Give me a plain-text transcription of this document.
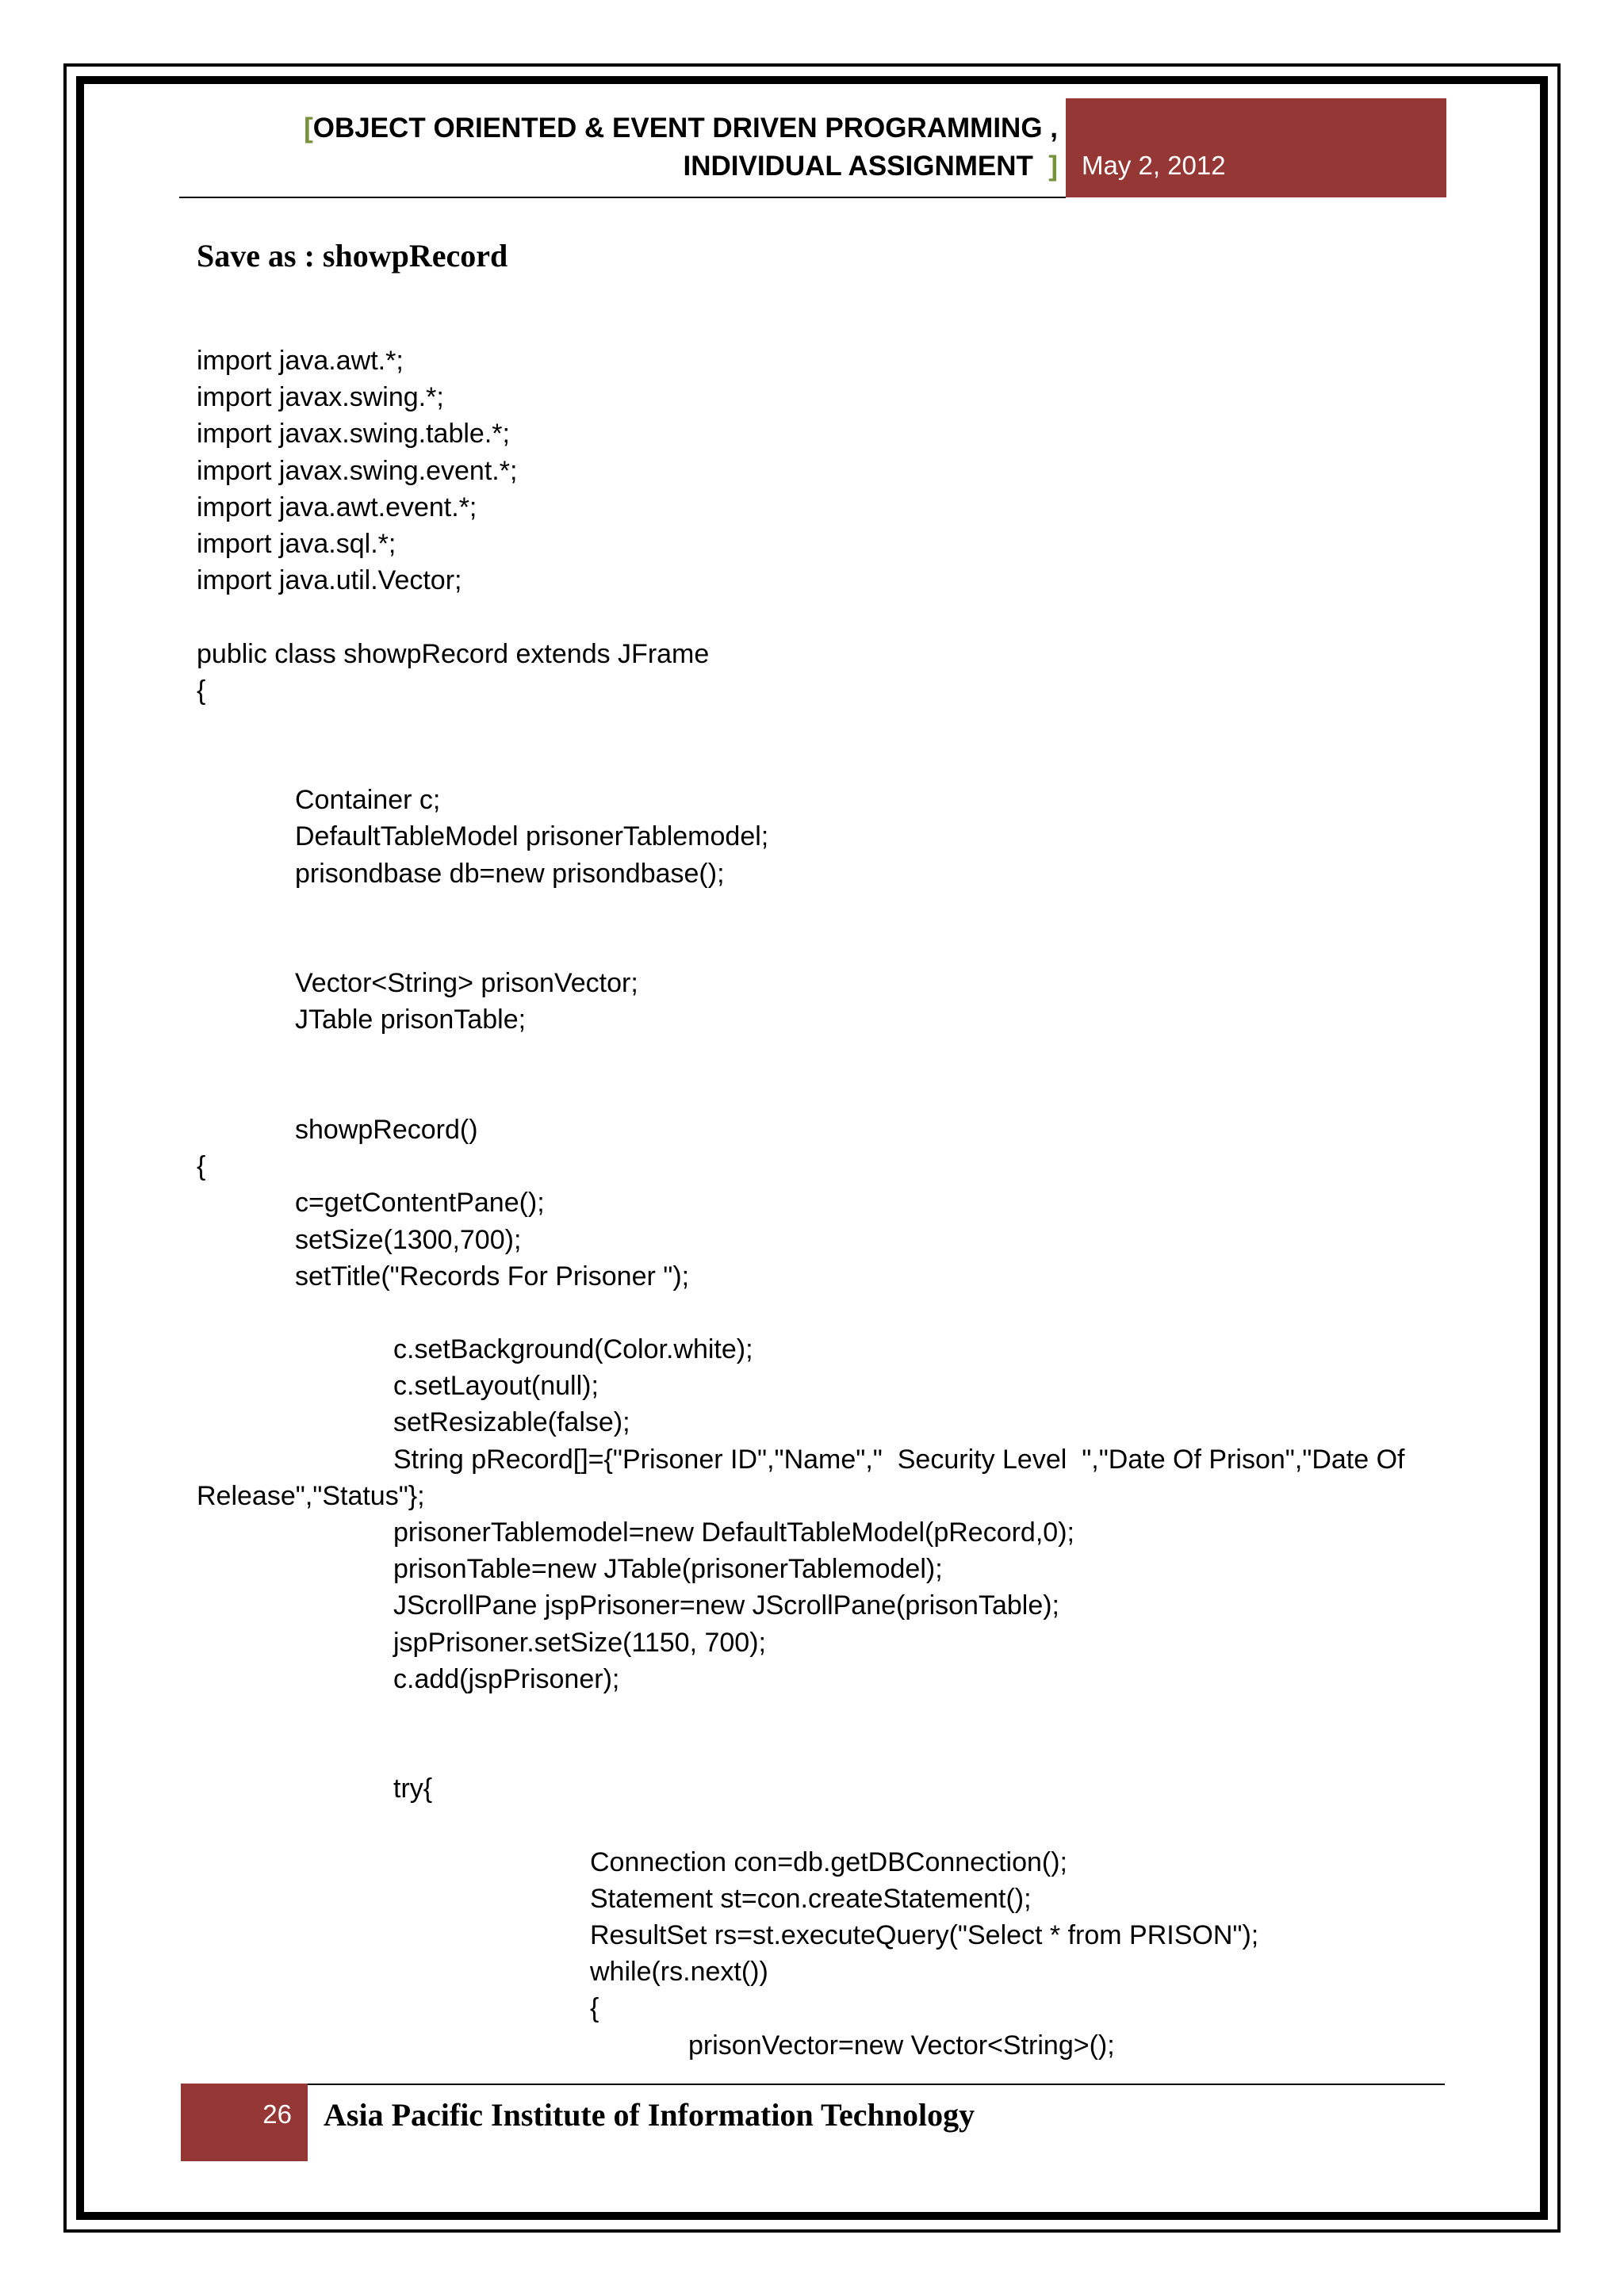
[OBJECT ORIENTED & EVENT DRIVEN PROGRAMMING ,
INDIVIDUAL ASSIGNMENT ] May 2, 2012
Save as : showpRecord
import java.awt.*;
import javax.swing.*;
import javax.swing.table.*;
import javax.swing.event.*;
import java.awt.event.*;
import java.sql.*;
import java.util.Vector;
public class showpRecord extends JFrame
{
Container c;
DefaultTableModel prisonerTablemodel;
prisondbase db=new prisondbase();
Vector<String> prisonVector;
JTable prisonTable;
showpRecord()
{
c=getContentPane();
setSize(1300,700);
setTitle("Records For Prisoner ");
c.setBackground(Color.white);
c.setLayout(null);
setResizable(false);
String pRecord[]={"Prisoner ID","Name","  Security Level  ","Date Of Prison","Date Of
Release","Status"};
prisonerTablemodel=new DefaultTableModel(pRecord,0);
prisonTable=new JTable(prisonerTablemodel);
JScrollPane jspPrisoner=new JScrollPane(prisonTable);
jspPrisoner.setSize(1150, 700);
c.add(jspPrisoner);
try{
Connection con=db.getDBConnection();
Statement st=con.createStatement();
ResultSet rs=st.executeQuery("Select * from PRISON");
while(rs.next())
{
prisonVector=new Vector<String>();
26 Asia Pacific Institute of Information Technology
